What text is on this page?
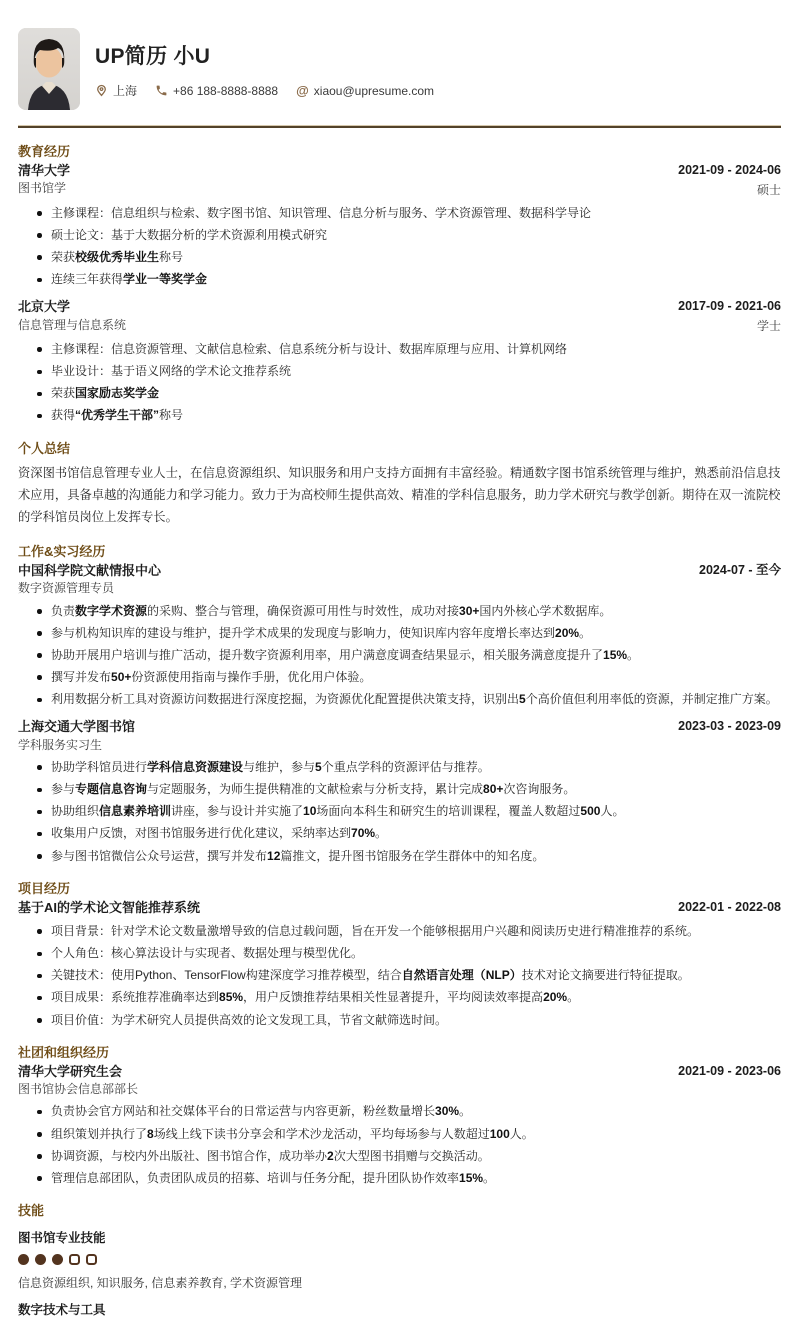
UP简历 小U
上海	+86 188-8888-8888 @ xiaou@upresume.com
教育经历
清华大学
图书馆学
2021-09 - 2024-06
硕士
主修课程：信息组织与检索、数字图书馆、知识管理、信息分析与服务、学术资源管理、数据科学导论
硕士论文：基于大数据分析的学术资源利用模式研究
荣获校级优秀毕业生称号
连续三年获得学业一等奖学金
北京大学
信息管理与信息系统
2017-09 - 2021-06
学士
主修课程：信息资源管理、文献信息检索、信息系统分析与设计、数据库原理与应用、计算机网络
毕业设计：基于语义网络的学术论文推荐系统
荣获国家励志奖学金
获得“优秀学生干部”称号
个人总结

资深图书馆信息管理专业人士，在信息资源组织、知识服务和用户支持方面拥有丰富经验。精通数字图书馆系统管理与维护，熟悉前沿信息技术应用，具备卓越的沟通能力和学习能力。致力于为高校师生提供高效、精准的学科信息服务，助力学术研究与教学创新。期待在双一流院校的学科馆员岗位上发挥专长。

工作&实习经历
中国科学院文献情报中心
数字资源管理专员
2024-07 - 至今
负责数字学术资源的采购、整合与管理，确保资源可用性与时效性，成功对接30+国内外核心学术数据库。
参与机构知识库的建设与维护，提升学术成果的发现度与影响力，使知识库内容年度增长率达到20%。
协助开展用户培训与推广活动，提升数字资源利用率，用户满意度调查结果显示，相关服务满意度提升了15%。
撰写并发布50+份资源使用指南与操作手册，优化用户体验。
利用数据分析工具对资源访问数据进行深度挖掘，为资源优化配置提供决策支持，识别出5个高价值但利用率低的资源，并制定推广方案。
上海交通大学图书馆
学科服务实习生
2023-03 - 2023-09
协助学科馆员进行学科信息资源建设与维护，参与5个重点学科的资源评估与推荐。
参与专题信息咨询与定题服务，为师生提供精准的文献检索与分析支持，累计完成80+次咨询服务。
协助组织信息素养培训讲座，参与设计并实施了10场面向本科生和研究生的培训课程，覆盖人数超过500人。
收集用户反馈，对图书馆服务进行优化建议，采纳率达到70%。
参与图书馆微信公众号运营，撰写并发布12篇推文，提升图书馆服务在学生群体中的知名度。
项目经历
基于AI的学术论文智能推荐系统	2022-01 - 2022-08
项目背景：针对学术论文数量激增导致的信息过载问题，旨在开发一个能够根据用户兴趣和阅读历史进行精准推荐的系统。
个人角色：核心算法设计与实现者、数据处理与模型优化。
关键技术：使用Python、TensorFlow构建深度学习推荐模型，结合自然语言处理（NLP）技术对论文摘要进行特征提取。
项目成果：系统推荐准确率达到85%，用户反馈推荐结果相关性显著提升，平均阅读效率提高20%。
项目价值：为学术研究人员提供高效的论文发现工具，节省文献筛选时间。
社团和组织经历
清华大学研究生会
图书馆协会信息部部长
2021-09 - 2023-06
负责协会官方网站和社交媒体平台的日常运营与内容更新，粉丝数量增长30%。
组织策划并执行了8场线上线下读书分享会和学术沙龙活动，平均每场参与人数超过100人。
协调资源，与校内外出版社、图书馆合作，成功举办2次大型图书捐赠与交换活动。
管理信息部团队，负责团队成员的招募、培训与任务分配，提升团队协作效率15%。
技能
图书馆专业技能
信息资源组织, 知识服务, 信息素养教育, 学术资源管理
数字技术与工具
